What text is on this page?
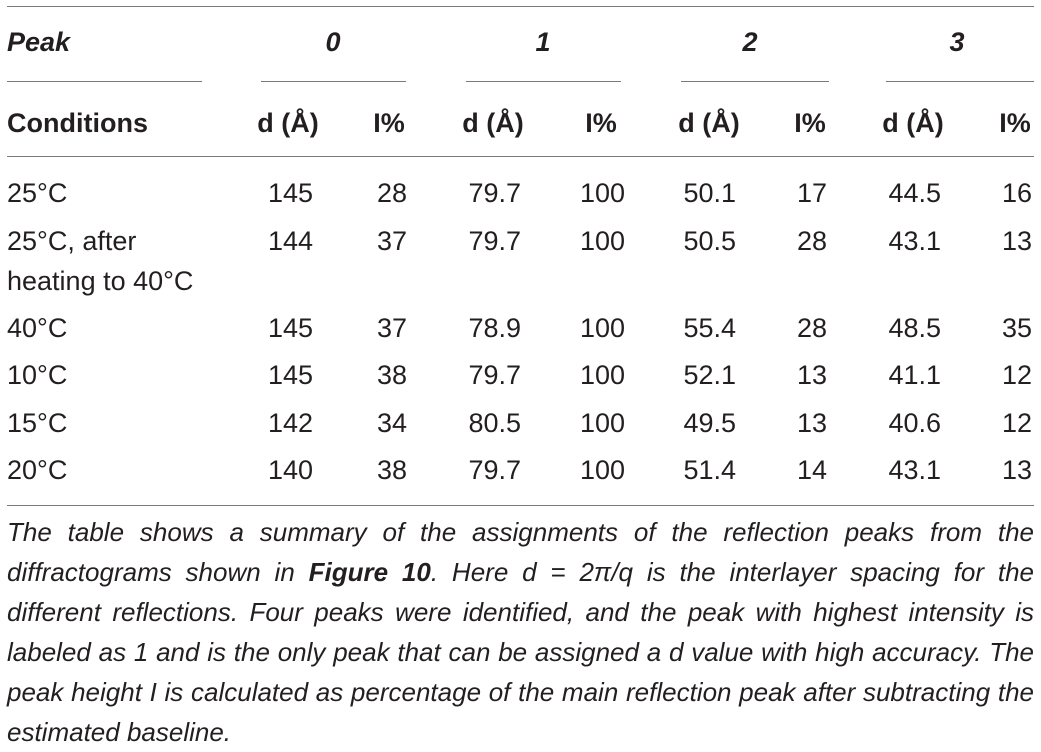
Peak	0	1	2	3
Conditions	d (Å) I% d (Å) I% d (Å) I% d (Å) I%
25°C	145 28 79.7 100 50.1 17 44.5 16
25°C, after
heating to 40°C
144 37 79.7 100 50.5 28 43.1 13
40°C	145 37 78.9 100 55.4 28 48.5 35
10°C	145 38 79.7 100 52.1 13 41.1 12
15°C	142 34 80.5 100 49.5 13 40.6 12
20°C	140 38 79.7 100 51.4 14 43.1 13
The table shows a summary of the assignments of the reflection peaks from the diffractograms shown in Figure 10. Here d = 2π/q is the interlayer spacing for the different reflections. Four peaks were identified, and the peak with highest intensity is labeled as 1 and is the only peak that can be assigned a d value with high accuracy. The peak height I is calculated as percentage of the main reflection peak after subtracting the estimated baseline.
